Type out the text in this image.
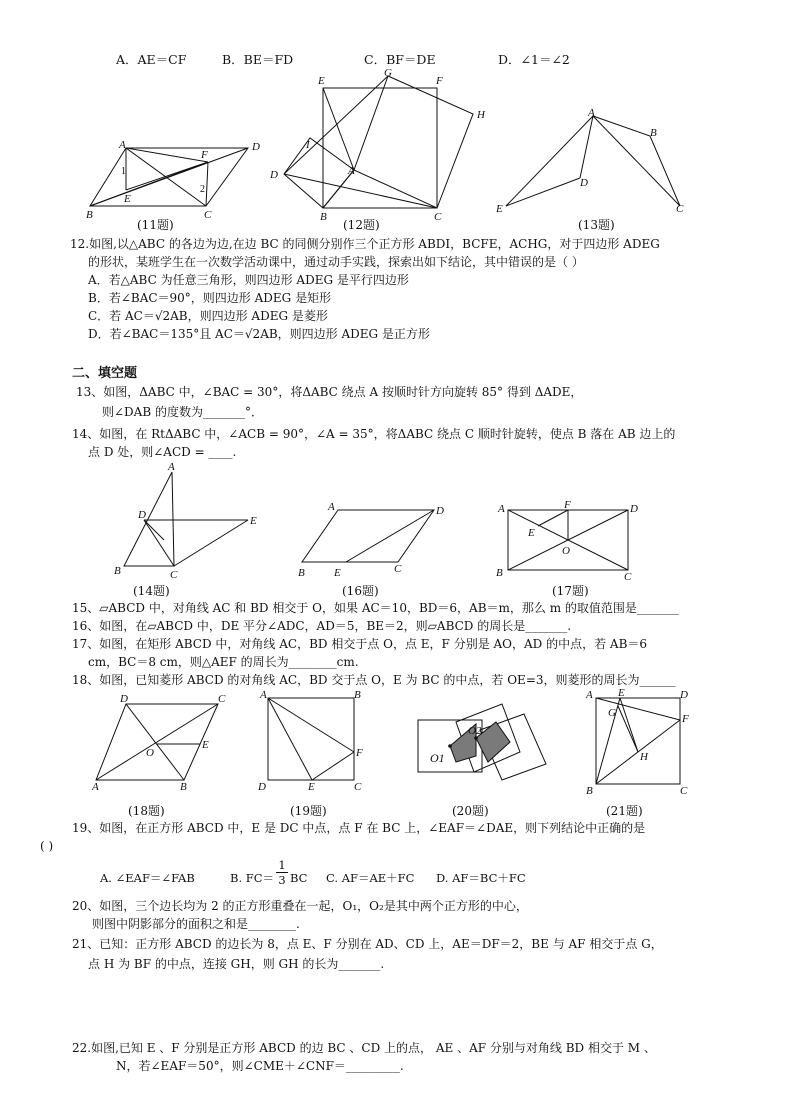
A．AE＝CF	B．BE＝FD	C．BF＝DE	D．∠1＝∠2
A	D
B	C
F
E
1
2
E
G
F
H
I
D	A
B	C
A
B
D
E	C
(11题)	(12题)	(13题)
12.如图,以△ABC 的各边为边,在边 BC 的同侧分别作三个正方形 ABDI，BCFE，ACHG，对于四边形 ADEG
的形状，某班学生在一次数学活动课中，通过动手实践，探索出如下结论，其中错误的是（ ）
A．若△ABC 为任意三角形，则四边形 ADEG 是平行四边形
B．若∠BAC＝90°，则四边形 ADEG 是矩形
C．若 AC＝√2AB，则四边形 ADEG 是菱形
D．若∠BAC＝135°且 AC＝√2AB，则四边形 ADEG 是正方形
二、填空题
13、如图，ΔABC 中，∠BAC = 30°，将ΔABC 绕点 A 按顺时针方向旋转 85° 得到 ΔADE，
则∠DAB 的度数为_______°．
14、如图，在 RtΔABC 中，∠ACB = 90°，∠A = 35°，将ΔABC 绕点 C 顺时针旋转，使点 B 落在 AB 边上的
点 D 处，则∠ACD = ____.
A
D	E
B	C
A	D
B	E	C
A	D
F
E
O
B	C
(14题)	(16题)	(17题)
15、▱ABCD 中，对角线 AC 和 BD 相交于 O，如果 AC＝10，BD＝6，AB＝m，那么 m 的取值范围是_______
16、如图，在▱ABCD 中，DE 平分∠ADC，AD＝5，BE＝2，则▱ABCD 的周长是_______.
17、如图，在矩形 ABCD 中，对角线 AC，BD 相交于点 O，点 E，F 分别是 AO，AD 的中点，若 AB＝6
cm，BC＝8 cm，则△AEF 的周长为________cm.
18、如图，已知菱形 ABCD 的对角线 AC，BD 交于点 O，E 为 BC 的中点，若 OE=3，则菱形的周长为______
D	C
O
E
A	B
A	B
F
D	E	C
O1
O2
A E	D
G	F
H
B	C
(18题)	(19题)	(20题)	(21题)
19、如图，在正方形 ABCD 中，E 是 DC 中点，点 F 在 BC 上，∠EAF＝∠DAE，则下列结论中正确的是
( )
A. ∠EAF＝∠FAB	B. FC＝
1
3 BC C. AF＝AE＋FC D. AF＝BC＋FC
20、如图，三个边长均为 2 的正方形重叠在一起，O₁，O₂是其中两个正方形的中心，
则图中阴影部分的面积之和是________.
21、已知：正方形 ABCD 的边长为 8，点 E、F 分别在 AD、CD 上，AE＝DF＝2，BE 与 AF 相交于点 G，
点 H 为 BF 的中点，连接 GH，则 GH 的长为_______.
22.如图,已知 E 、F 分别是正方形 ABCD 的边 BC 、CD 上的点， AE 、AF 分别与对角线 BD 相交于 M 、
N，若∠EAF＝50°，则∠CME＋∠CNF＝_________.
